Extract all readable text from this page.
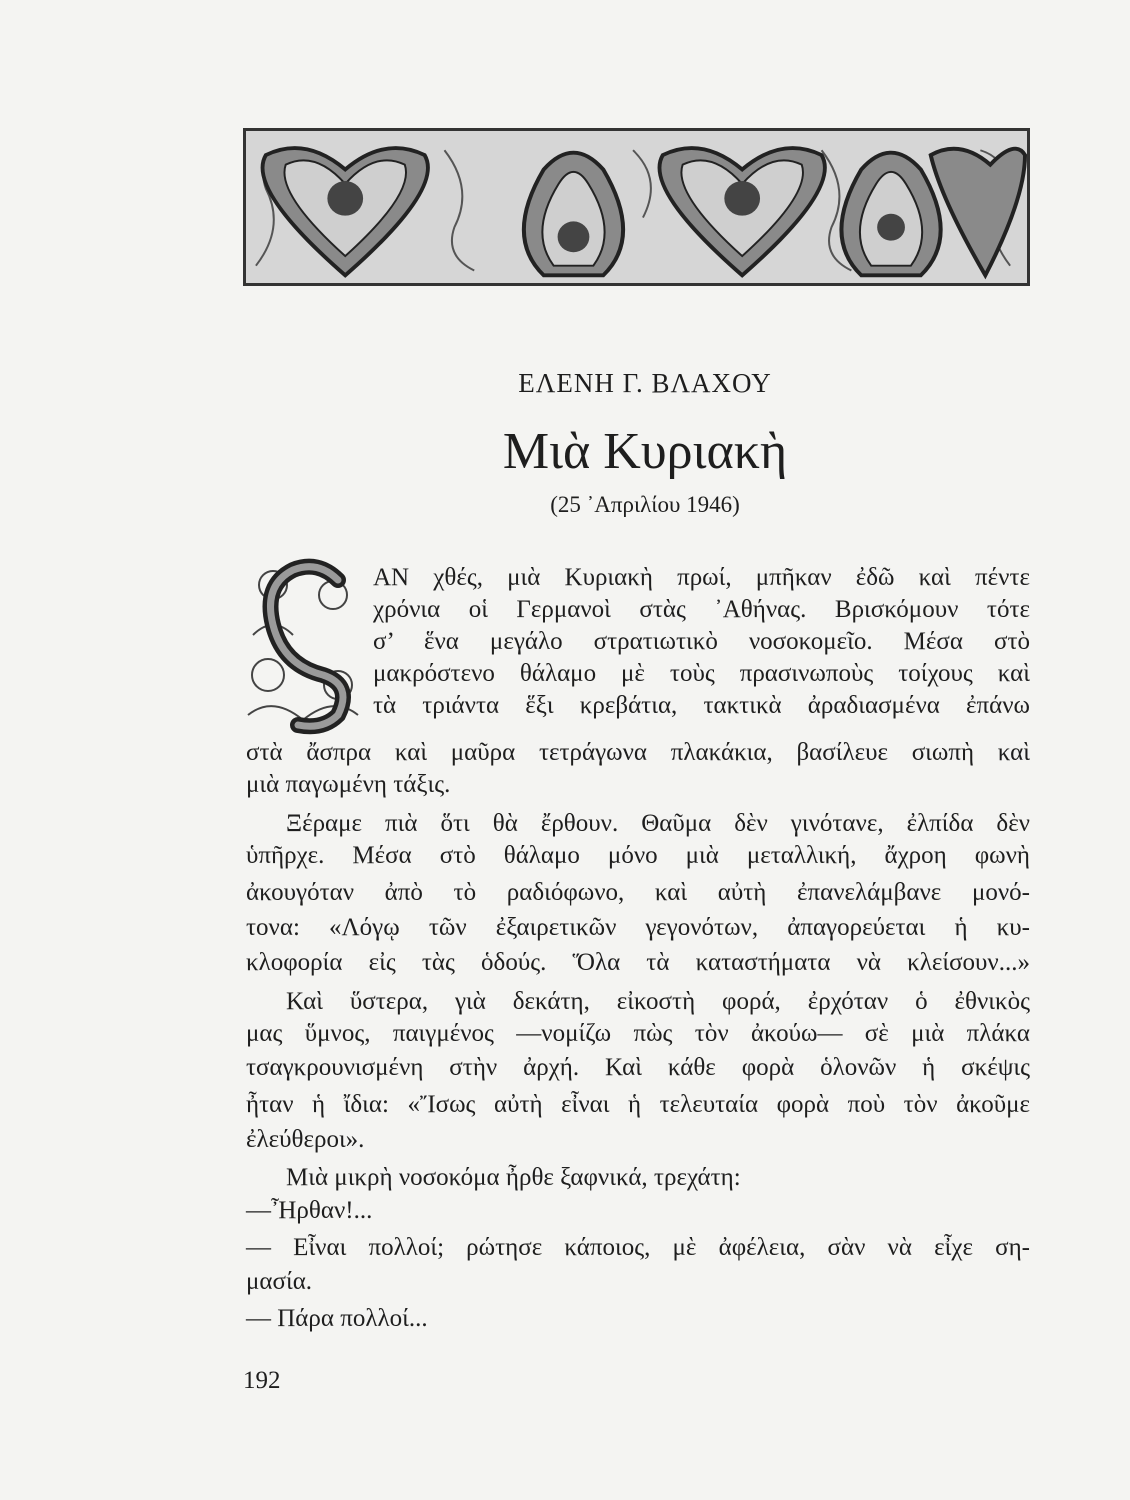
ΕΛΕΝΗ Γ. ΒΛΑΧΟΥ
Μιὰ Κυριακὴ
(25 ᾿Απριλίου 1946)
ΑΝ χθές, μιὰ Κυριακὴ πρωί, μπῆκαν ἐδῶ καὶ πέντε
χρόνια οἱ Γερμανοὶ στὰς ᾿Αθήνας. Βρισκόμουν τότε
σ’ ἕνα μεγάλο στρατιωτικὸ νοσοκομεῖο. Μέσα στὸ
μακρόστενο θάλαμο μὲ τοὺς πρασινωποὺς τοίχους καὶ
τὰ τριάντα ἕξι κρεβάτια, τακτικὰ ἀραδιασμένα ἐπάνω
στὰ ἄσπρα καὶ μαῦρα τετράγωνα πλακάκια, βασίλευε σιωπὴ καὶ
μιὰ παγωμένη τάξις.
Ξέραμε πιὰ ὅτι θὰ ἔρθουν. Θαῦμα δὲν γινότανε, ἐλπίδα δὲν
ὑπῆρχε. Μέσα στὸ θάλαμο μόνο μιὰ μεταλλική, ἄχροη φωνὴ
ἀκουγόταν ἀπὸ τὸ ραδιόφωνο, καὶ αὐτὴ ἐπανελάμβανε μονό-
τονα: «Λόγῳ τῶν ἐξαιρετικῶν γεγονότων, ἀπαγορεύεται ἡ κυ-
κλοφορία εἰς τὰς ὁδούς. Ὅλα τὰ καταστήματα νὰ κλείσουν...»
Καὶ ὕστερα, γιὰ δεκάτη, εἰκοστὴ φορά, ἐρχόταν ὁ ἐθνικὸς
μας ὕμνος, παιγμένος —νομίζω πὼς τὸν ἀκούω— σὲ μιὰ πλάκα
τσαγκρουνισμένη στὴν ἀρχή. Καὶ κάθε φορὰ ὁλονῶν ἡ σκέψις
ἦταν ἡ ἴδια: «Ἴσως αὐτὴ εἶναι ἡ τελευταία φορὰ ποὺ τὸν ἀκοῦμε
ἐλεύθεροι».
Μιὰ μικρὴ νοσοκόμα ἦρθε ξαφνικά, τρεχάτη:
—Ἦρθαν!...
— Εἶναι πολλοί; ρώτησε κάποιος, μὲ ἀφέλεια, σὰν νὰ εἶχε ση-
μασία.
— Πάρα πολλοί...
192
